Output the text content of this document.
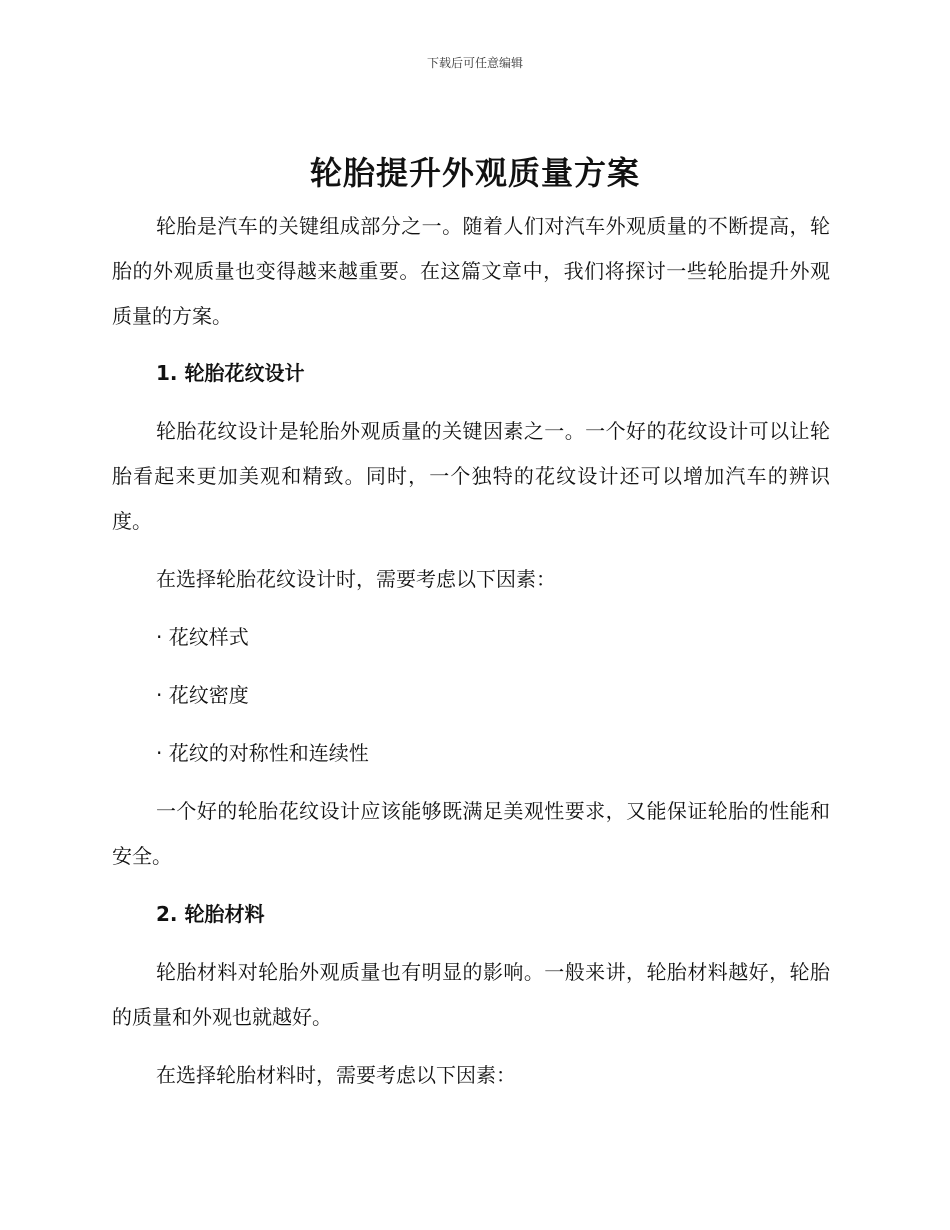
下载后可任意编辑
轮胎提升外观质量方案

轮胎是汽车的关键组成部分之一。随着人们对汽车外观质量的不断提高，轮胎的外观质量也变得越来越重要。在这篇文章中，我们将探讨一些轮胎提升外观质量的方案。

1. 轮胎花纹设计

轮胎花纹设计是轮胎外观质量的关键因素之一。一个好的花纹设计可以让轮胎看起来更加美观和精致。同时，一个独特的花纹设计还可以增加汽车的辨识度。

在选择轮胎花纹设计时，需要考虑以下因素：

· 花纹样式

· 花纹密度

· 花纹的对称性和连续性

一个好的轮胎花纹设计应该能够既满足美观性要求，又能保证轮胎的性能和安全。

2. 轮胎材料

轮胎材料对轮胎外观质量也有明显的影响。一般来讲，轮胎材料越好，轮胎的质量和外观也就越好。

在选择轮胎材料时，需要考虑以下因素：
